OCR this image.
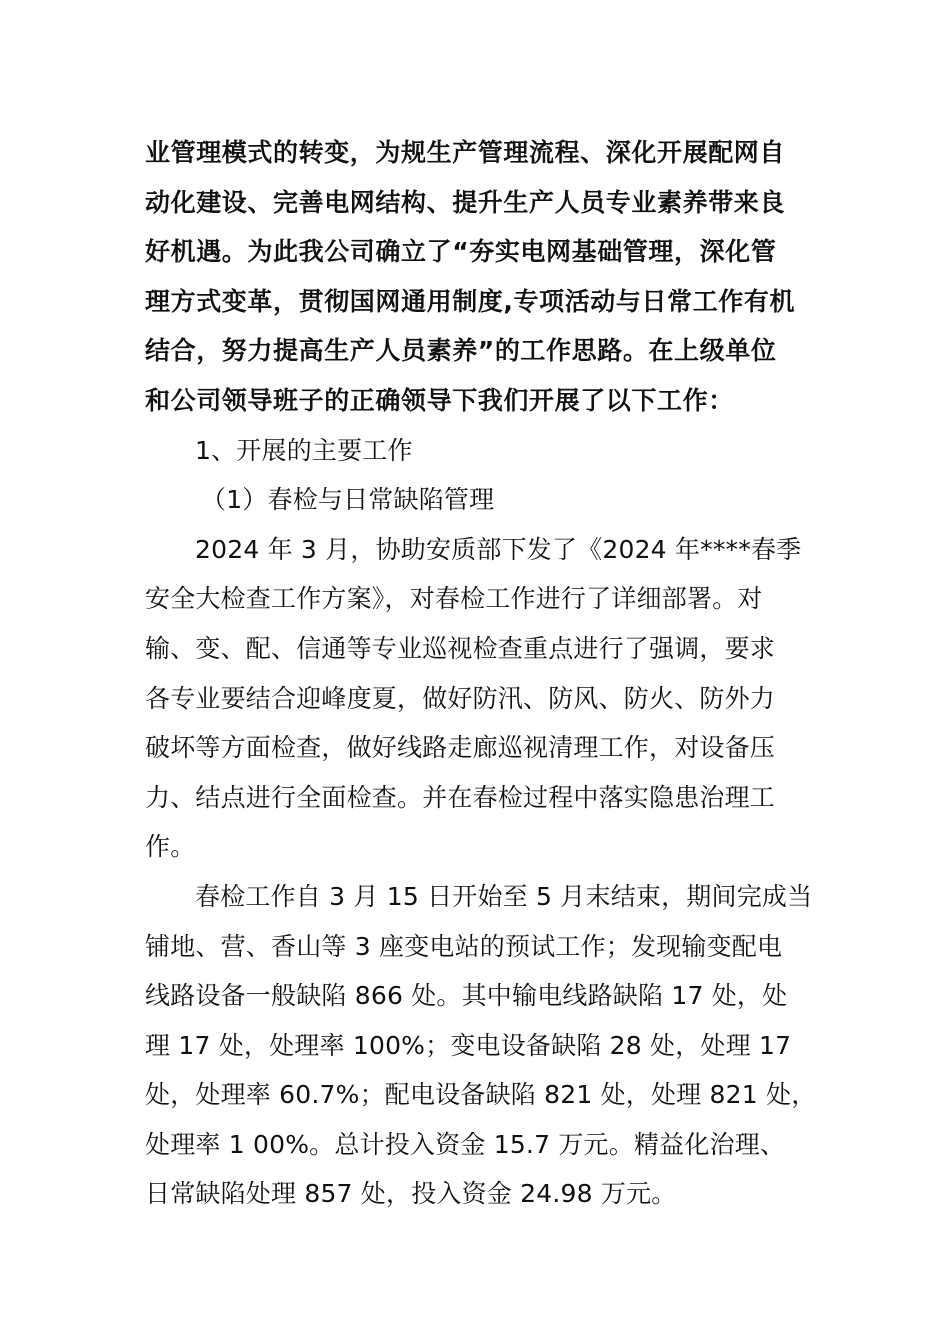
业管理模式的转变，为规生产管理流程、深化开展配网自
动化建设、完善电网结构、提升生产人员专业素养带来良
好机遇。为此我公司确立了“夯实电网基础管理，深化管
理方式变革，贯彻国网通用制度,专项活动与日常工作有机
结合，努力提高生产人员素养”的工作思路。在上级单位
和公司领导班子的正确领导下我们开展了以下工作：
1、开展的主要工作
（1）春检与日常缺陷管理
2024 年 3 月，协助安质部下发了《2024 年****春季
安全大检查工作方案》，对春检工作进行了详细部署。对
输、变、配、信通等专业巡视检查重点进行了强调，要求
各专业要结合迎峰度夏，做好防汛、防风、防火、防外力
破坏等方面检查，做好线路走廊巡视清理工作，对设备压
力、结点进行全面检查。并在春检过程中落实隐患治理工
作。
春检工作自 3 月 15 日开始至 5 月末结束，期间完成当
铺地、营、香山等 3 座变电站的预试工作；发现输变配电
线路设备一般缺陷 866 处。其中输电线路缺陷 17 处，处
理 17 处，处理率 100%；变电设备缺陷 28 处，处理 17
处，处理率 60.7%；配电设备缺陷 821 处，处理 821 处，
处理率 1 00%。总计投入资金 15.7 万元。精益化治理、
日常缺陷处理 857 处，投入资金 24.98 万元。
